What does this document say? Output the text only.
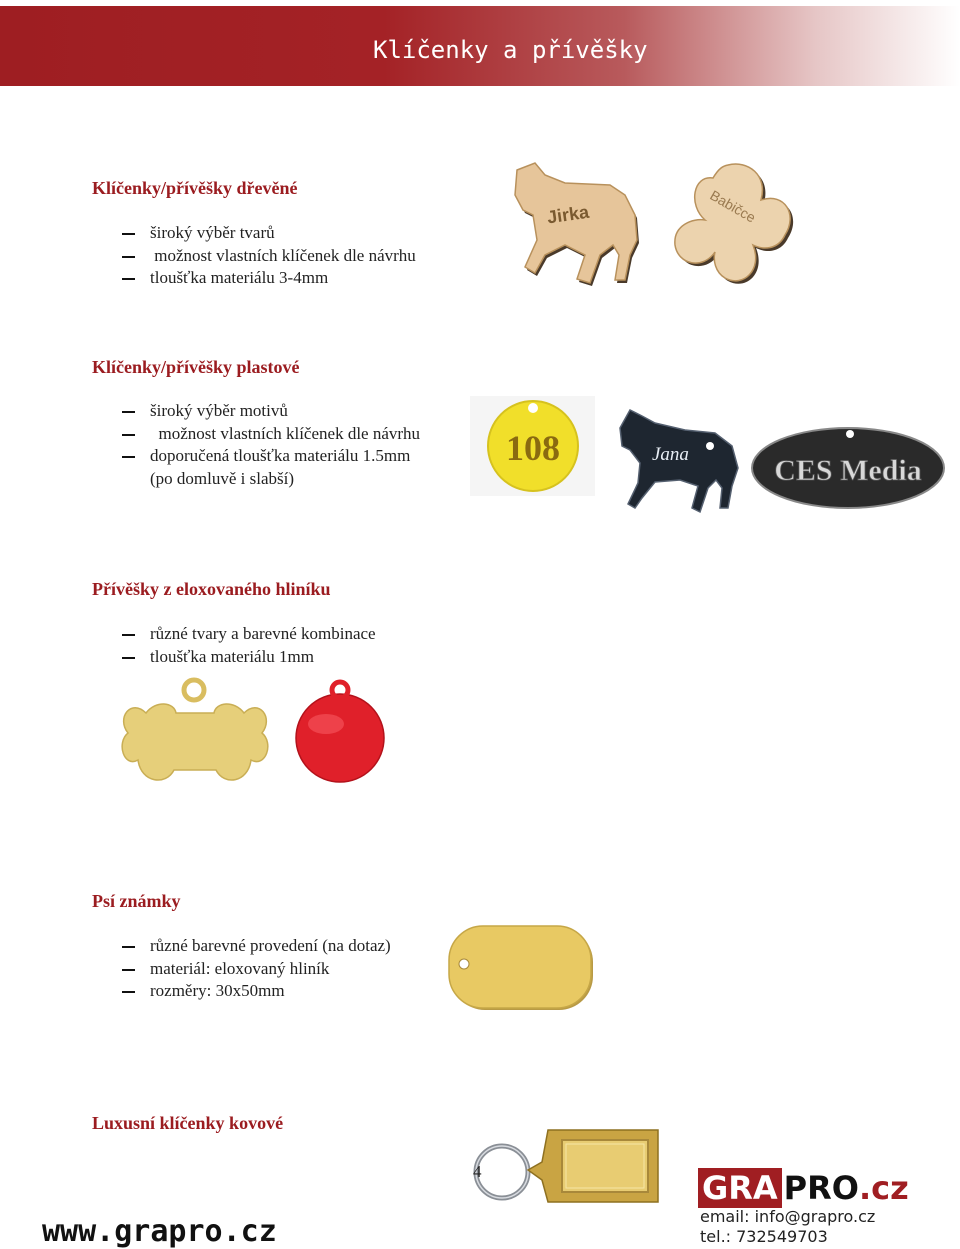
Klíčenky a přívěšky
Klíčenky/přívěšky dřevěné
široký výběr tvarů
možnost vlastních klíčenek dle návrhu
tloušťka materiálu 3-4mm
Jirka	Babičce
Klíčenky/přívěšky plastové
široký výběr motivů
možnost vlastních klíčenek dle návrhu
doporučená tloušťka materiálu 1.5mm
(po domluvě i slabší)
108	Jana	CES Media
Přívěšky z eloxovaného hliníku
různé tvary a barevné kombinace
tloušťka materiálu 1mm
Psí známky
různé barevné provedení (na dotaz)
materiál: eloxovaný hliník
rozměry: 30x50mm
Luxusní klíčenky kovové
4
www.grapro.cz
GRA PRO .cz
email: info@grapro.cz
tel.: 732549703
